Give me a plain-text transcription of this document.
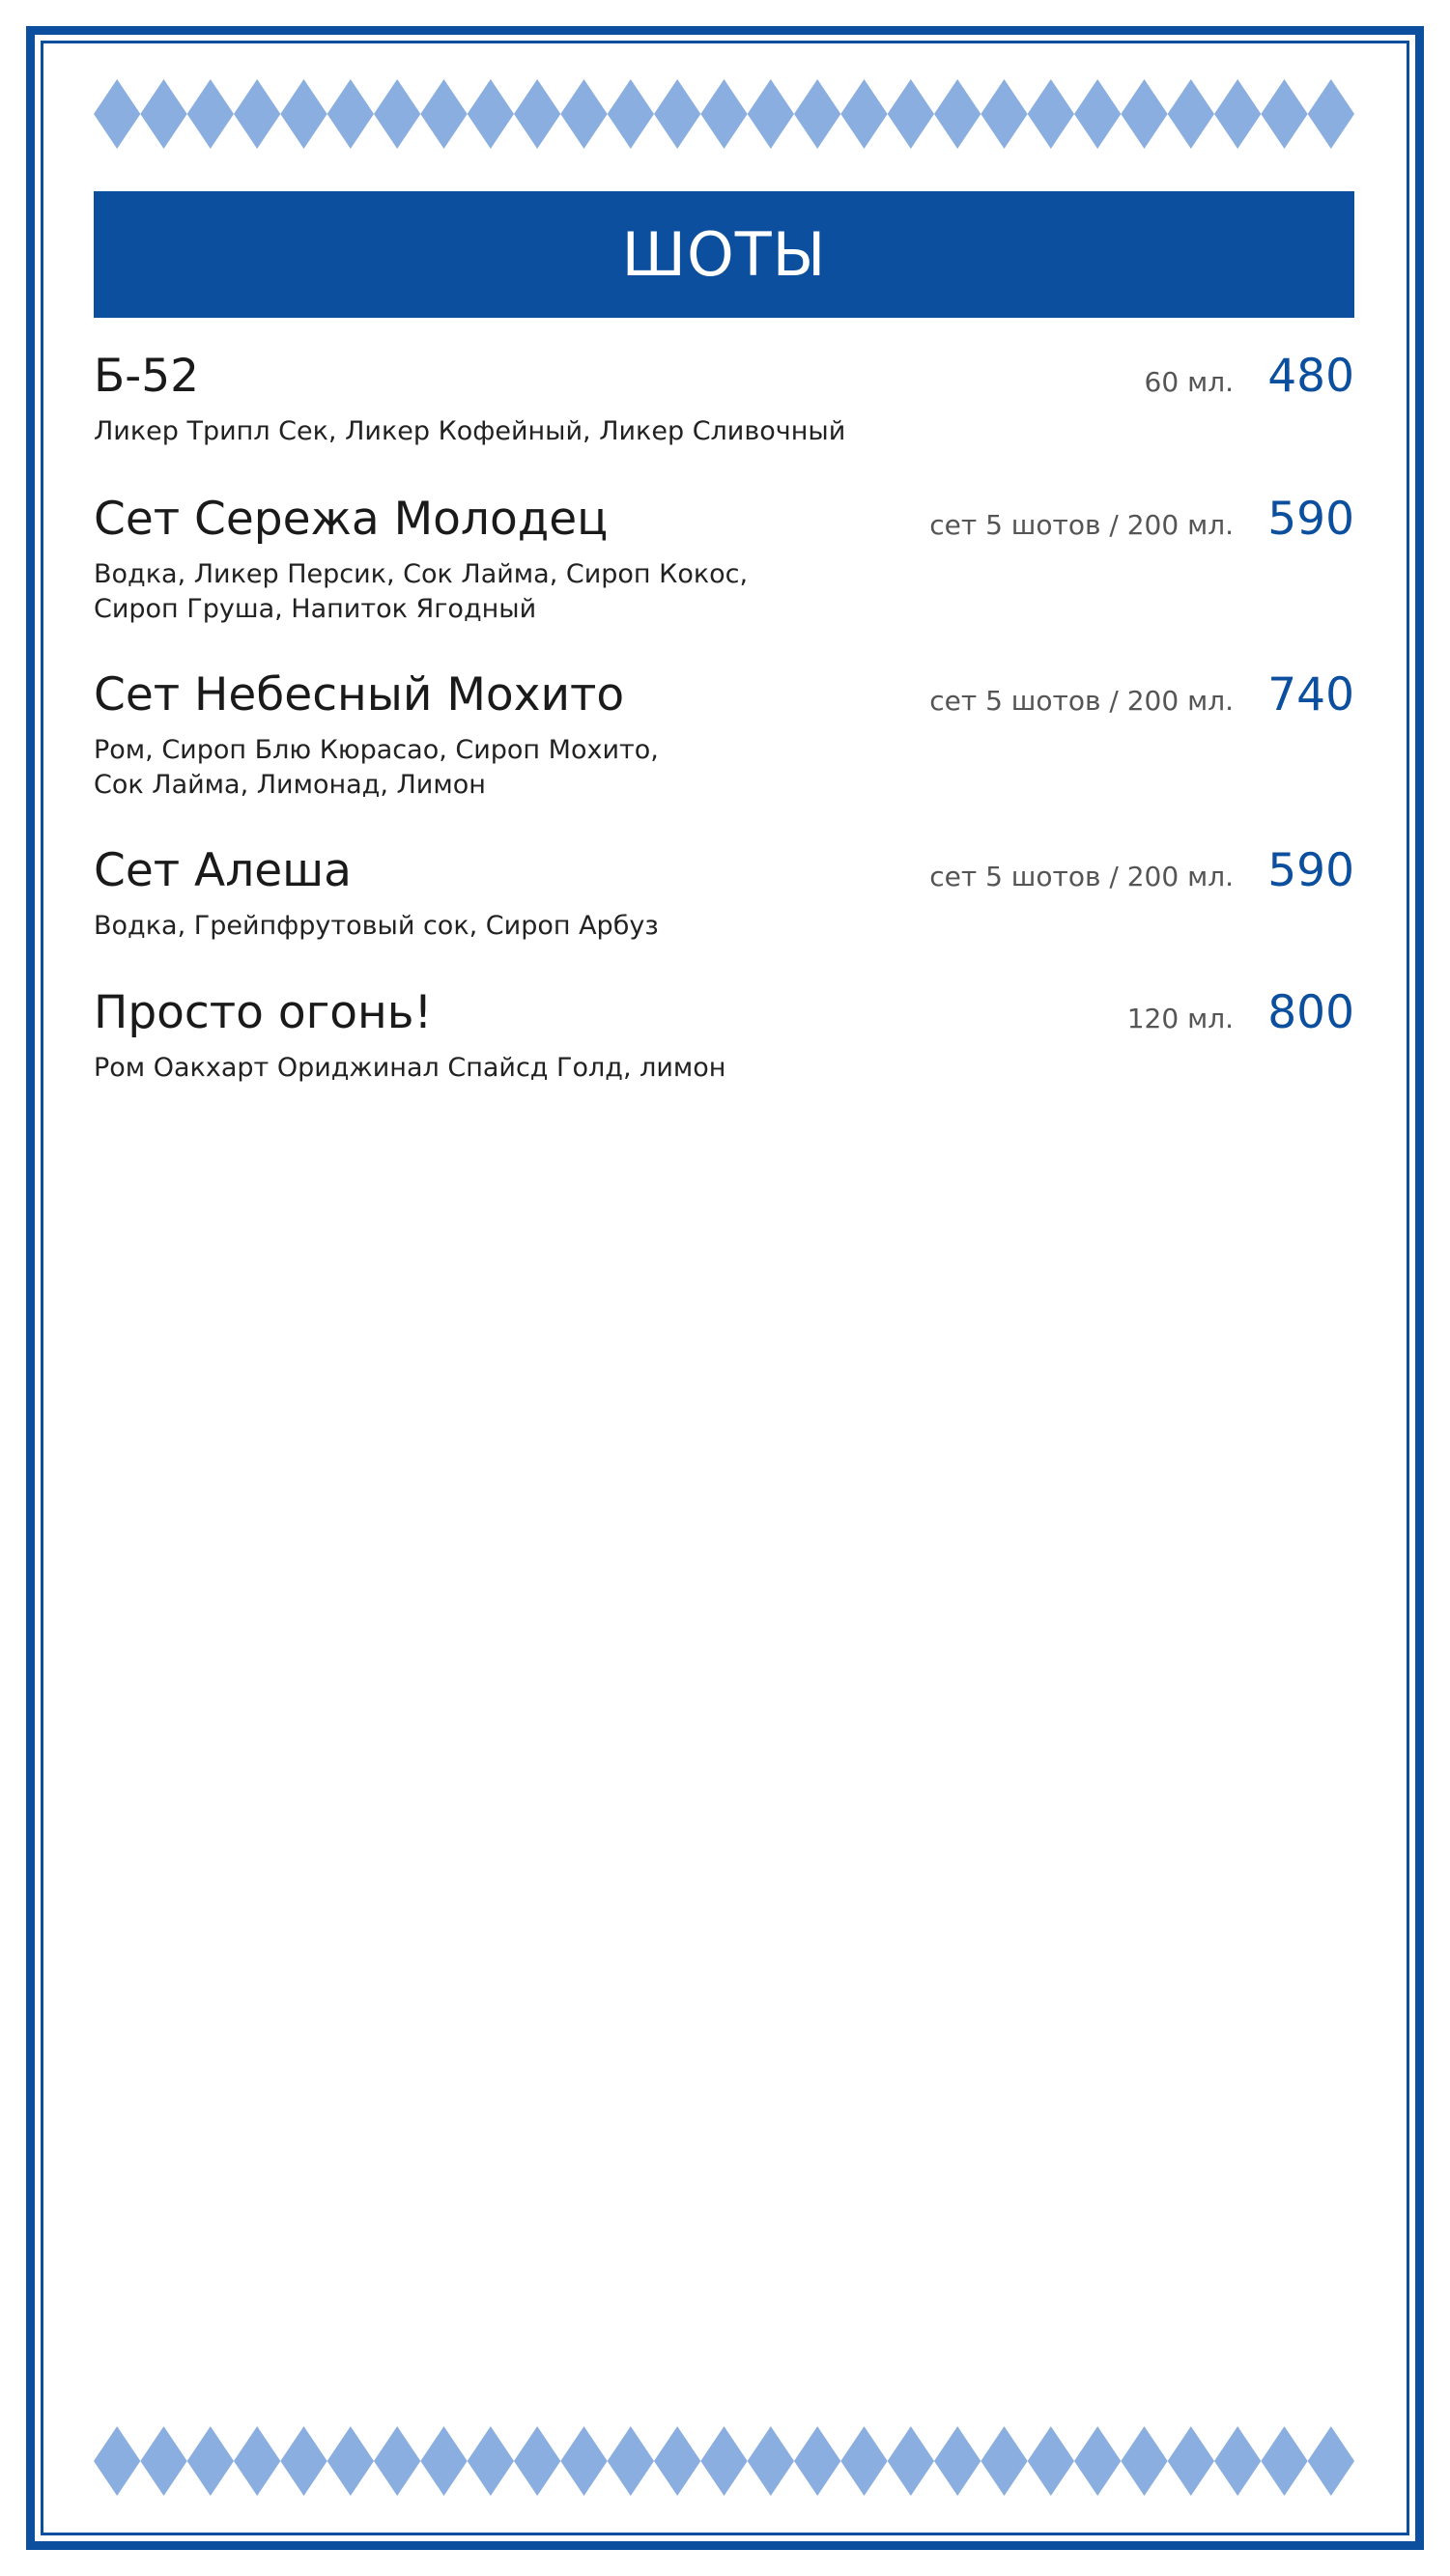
ШОТЫ
Б-52	60 мл. 480
Ликер Трипл Сек, Ликер Кофейный, Ликер Сливочный
Сет Сережа Молодец	сет 5 шотов / 200 мл. 590
Водка, Ликер Персик, Сок Лайма, Сироп Кокос,
Сироп Груша, Напиток Ягодный
Сет Небесный Мохито	сет 5 шотов / 200 мл. 740
Ром, Сироп Блю Кюрасао, Сироп Мохито,
Сок Лайма, Лимонад, Лимон
Сет Алеша	сет 5 шотов / 200 мл. 590
Водка, Грейпфрутовый сок, Сироп Арбуз
Просто огонь!	120 мл. 800
Ром Оакхарт Ориджинал Спайсд Голд, лимон
